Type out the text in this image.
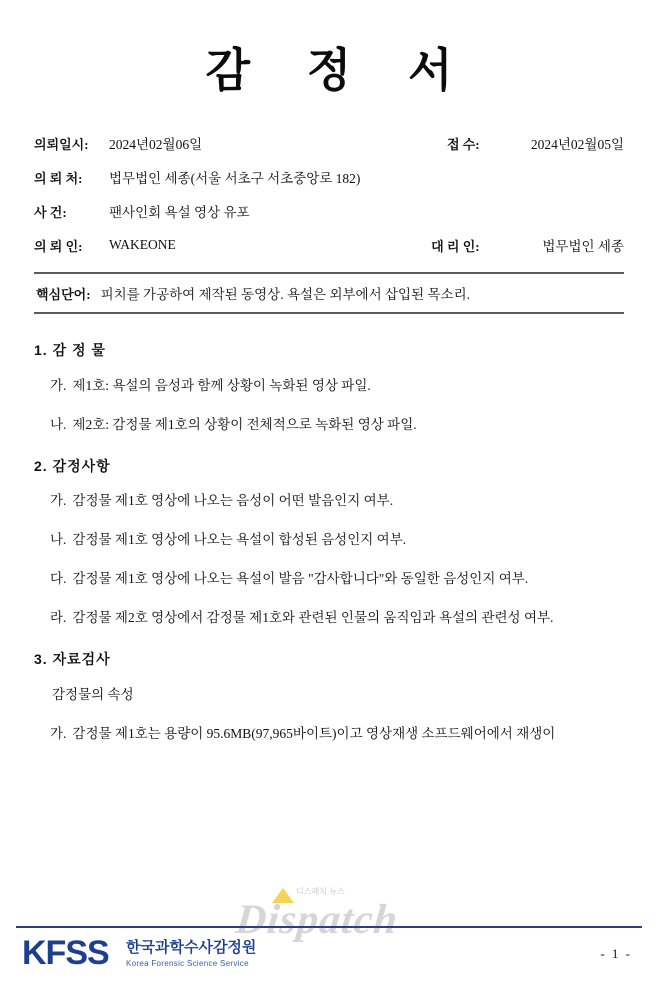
감 정 서
의뢰일시:	2024년02월06일	접 수:	2024년02월05일
의 뢰 처:	법무법인 세종(서울 서초구 서초중앙로 182)		
사 건:	팬사인회 욕설 영상 유포		
의 뢰 인:	WAKEONE	대 리 인:	법무법인 세종
핵심단어: 피치를 가공하여 제작된 동영상. 욕설은 외부에서 삽입된 목소리.
1. 감 정 물
가. 제1호: 욕설의 음성과 함께 상황이 녹화된 영상 파일.
나. 제2호: 감정물 제1호의 상황이 전체적으로 녹화된 영상 파일.
2. 감정사항
가. 감정물 제1호 영상에 나오는 음성이 어떤 발음인지 여부.
나. 감정물 제1호 영상에 나오는 욕설이 합성된 음성인지 여부.
다. 감정물 제1호 영상에 나오는 욕설이 발음 "감사합니다"와 동일한 음성인지 여부.
라. 감정물 제2호 영상에서 감정물 제1호와 관련된 인물의 움직임과 욕설의 관련성 여부.
3. 자료검사
감정물의 속성
가. 감정물 제1호는 용량이 95.6MB(97,965바이트)이고 영상재생 소프드웨어에서 재생이
디스패치 뉴스
Dispatch
KFSS 한국과학수사감정원
Korea Forensic Science Service
- 1 -
